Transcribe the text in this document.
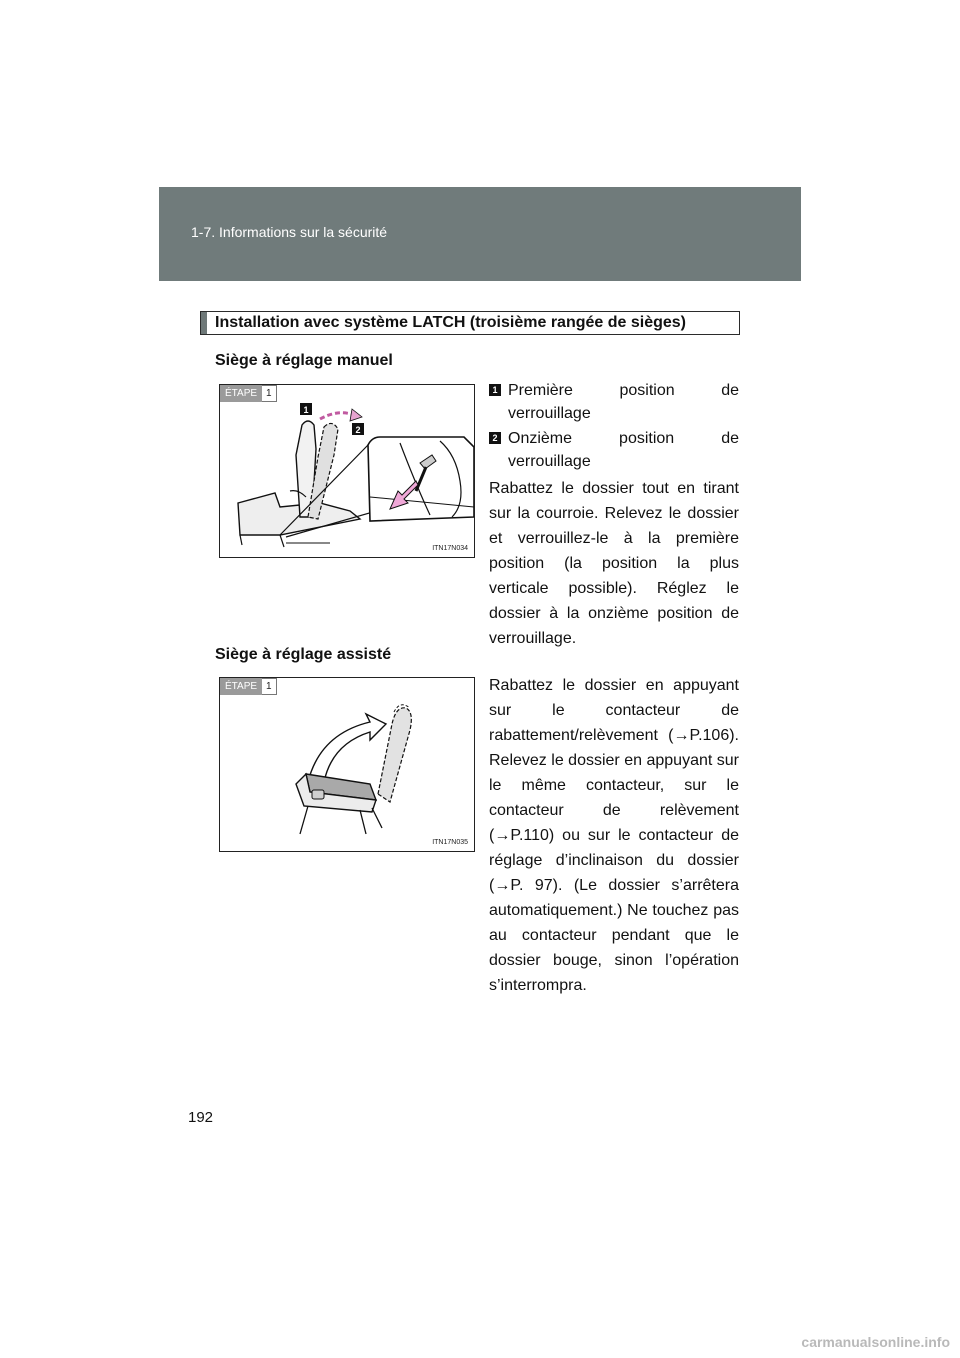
1-7. Informations sur la sécurité
Installation avec système LATCH (troisième rangée de sièges)
Siège à réglage manuel
ÉTAPE 1
1
2
ITN17N034
1 Première position de verrouillage
2 Onzième position de verrouillage
Rabattez le dossier tout en tirant sur la courroie. Relevez le dossier et verrouillez-le à la première position (la position la plus verticale possible). Réglez le dossier à la onzième position de verrouillage.
Siège à réglage assisté
ÉTAPE 1
ITN17N035
Rabattez le dossier en appuyant sur le contacteur de rabattement/relèvement (→P.106). Relevez le dossier en appuyant sur le même contacteur, sur le contacteur de relèvement (→P.110) ou sur le contacteur de réglage d’inclinaison du dossier (→P. 97). (Le dossier s’arrêtera automatiquement.) Ne touchez pas au contacteur pendant que le dossier bouge, sinon l’opération s’interrompra.
192
carmanualsonline.info
